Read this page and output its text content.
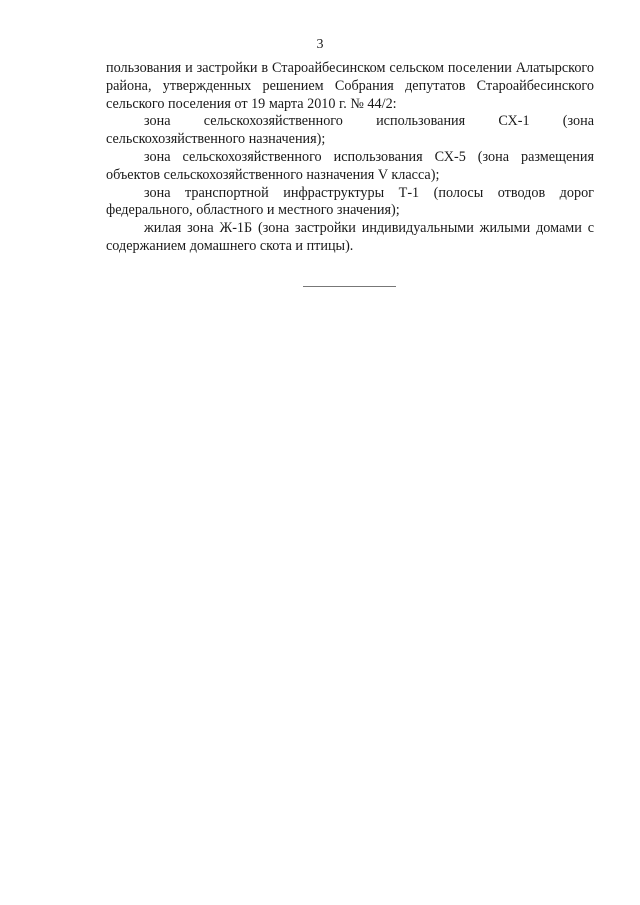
3

пользования и застройки в Староайбесинском сельском поселении Алатырского района, утвержденных решением Собрания депутатов Староайбесинского сельского поселения от 19 марта 2010 г. № 44/2:

зона сельскохозяйственного использования СХ-1 (зона сельскохозяйственного назначения);

зона сельскохозяйственного использования СХ-5 (зона размещения объектов сельскохозяйственного назначения V класса);

зона транспортной инфраструктуры Т-1 (полосы отводов дорог федерального, областного и местного значения);

жилая зона Ж-1Б (зона застройки индивидуальными жилыми домами с содержанием домашнего скота и птицы).
